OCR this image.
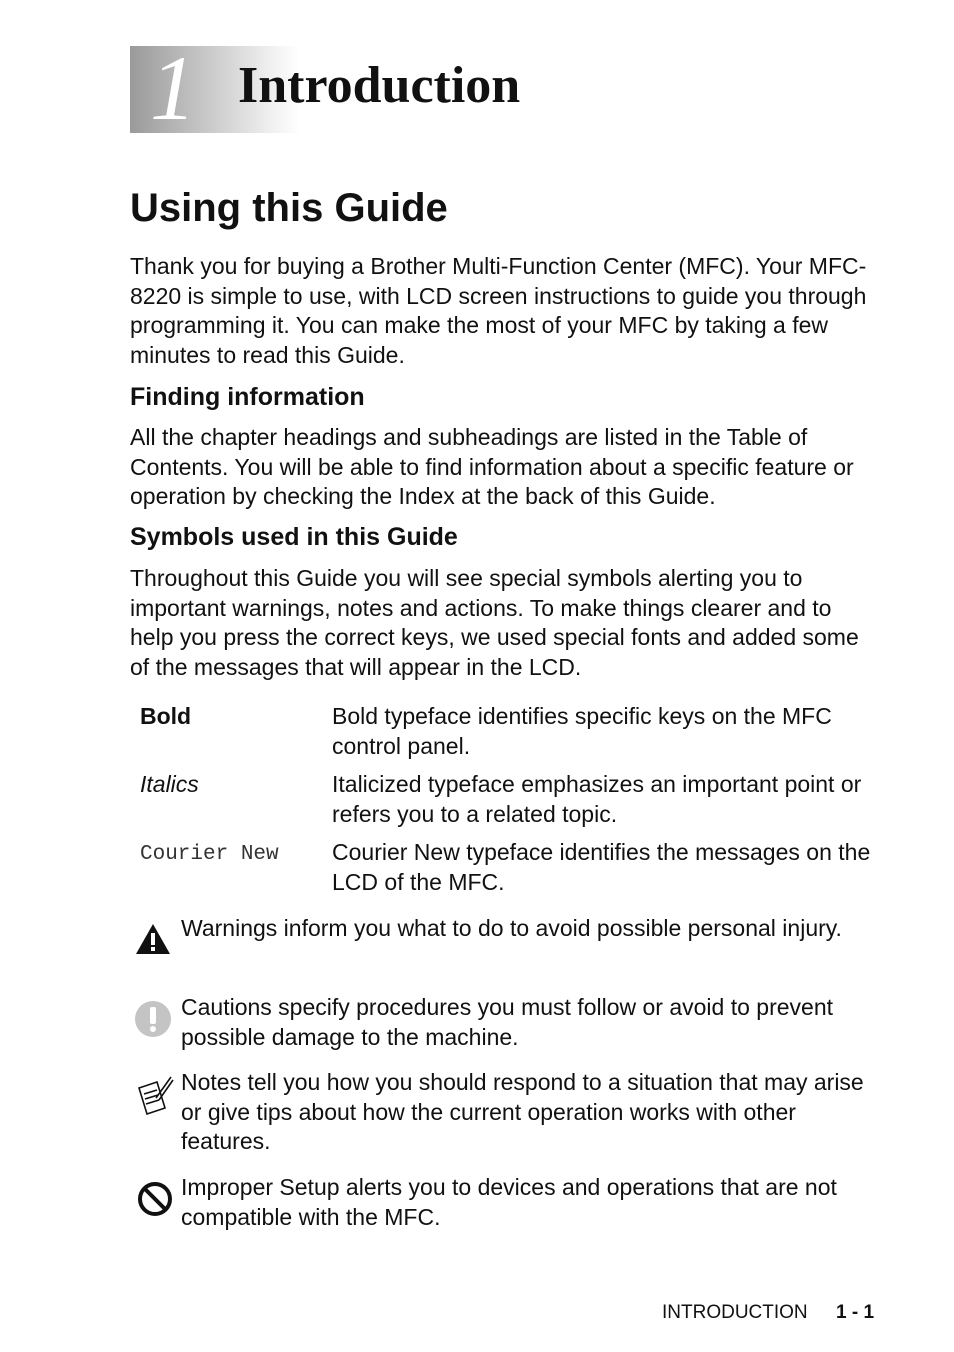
1 Introduction
Using this Guide

Thank you for buying a Brother Multi-Function Center (MFC). Your MFC-8220 is simple to use, with LCD screen instructions to guide you through programming it. You can make the most of your MFC by taking a few minutes to read this Guide.

Finding information

All the chapter headings and subheadings are listed in the Table of Contents. You will be able to find information about a specific feature or operation by checking the Index at the back of this Guide.

Symbols used in this Guide

Throughout this Guide you will see special symbols alerting you to important warnings, notes and actions. To make things clearer and to help you press the correct keys, we used special fonts and added some of the messages that will appear in the LCD.

Bold	Bold typeface identifies specific keys on the MFC control panel.
Italics	Italicized typeface emphasizes an important point or refers you to a related topic.
Courier New Courier New typeface identifies the messages on the LCD of the MFC.
Warnings inform you what to do to avoid possible personal injury.
Cautions specify procedures you must follow or avoid to prevent possible damage to the machine.
Notes tell you how you should respond to a situation that may arise or give tips about how the current operation works with other features.
Improper Setup alerts you to devices and operations that are not compatible with the MFC.
INTRODUCTION 1 - 1
